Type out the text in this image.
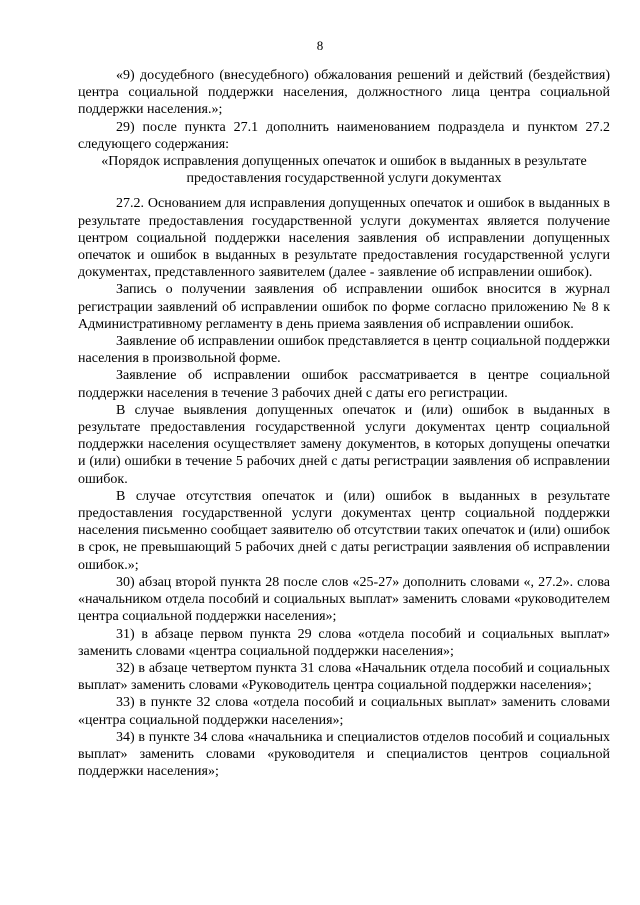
8

«9) досудебного (внесудебного) обжалования решений и действий (бездействия) центра социальной поддержки населения, должностного лица центра социальной поддержки населения.»;

29) после пункта 27.1 дополнить наименованием подраздела и пунктом 27.2 следующего содержания:

«Порядок исправления допущенных опечаток и ошибок в выданных в результате предоставления государственной услуги документах

27.2. Основанием для исправления допущенных опечаток и ошибок в выданных в результате предоставления государственной услуги документах является получение центром социальной поддержки населения заявления об исправлении допущенных опечаток и ошибок в выданных в результате предоставления государственной услуги документах, представленного заявителем (далее - заявление об исправлении ошибок).

Запись о получении заявления об исправлении ошибок вносится в журнал регистрации заявлений об исправлении ошибок по форме согласно приложению № 8 к Административному регламенту в день приема заявления об исправлении ошибок.

Заявление об исправлении ошибок представляется в центр социальной поддержки населения в произвольной форме.

Заявление об исправлении ошибок рассматривается в центре социальной поддержки населения в течение 3 рабочих дней с даты его регистрации.

В случае выявления допущенных опечаток и (или) ошибок в выданных в результате предоставления государственной услуги документах центр социальной поддержки населения осуществляет замену документов, в которых допущены опечатки и (или) ошибки в течение 5 рабочих дней с даты регистрации заявления об исправлении ошибок.

В случае отсутствия опечаток и (или) ошибок в выданных в результате предоставления государственной услуги документах центр социальной поддержки населения письменно сообщает заявителю об отсутствии таких опечаток и (или) ошибок в срок, не превышающий 5 рабочих дней с даты регистрации заявления об исправлении ошибок.»;

30) абзац второй пункта 28 после слов «25-27» дополнить словами «, 27.2». слова «начальником отдела пособий и социальных выплат» заменить словами «руководителем центра социальной поддержки населения»;

31) в абзаце первом пункта 29 слова «отдела пособий и социальных выплат» заменить словами «центра социальной поддержки населения»;

32) в абзаце четвертом пункта 31 слова «Начальник отдела пособий и социальных выплат» заменить словами «Руководитель центра социальной поддержки населения»;

33) в пункте 32 слова «отдела пособий и социальных выплат» заменить словами «центра социальной поддержки населения»;

34) в пункте 34 слова «начальника и специалистов отделов пособий и социальных выплат» заменить словами «руководителя и специалистов центров социальной поддержки населения»;
